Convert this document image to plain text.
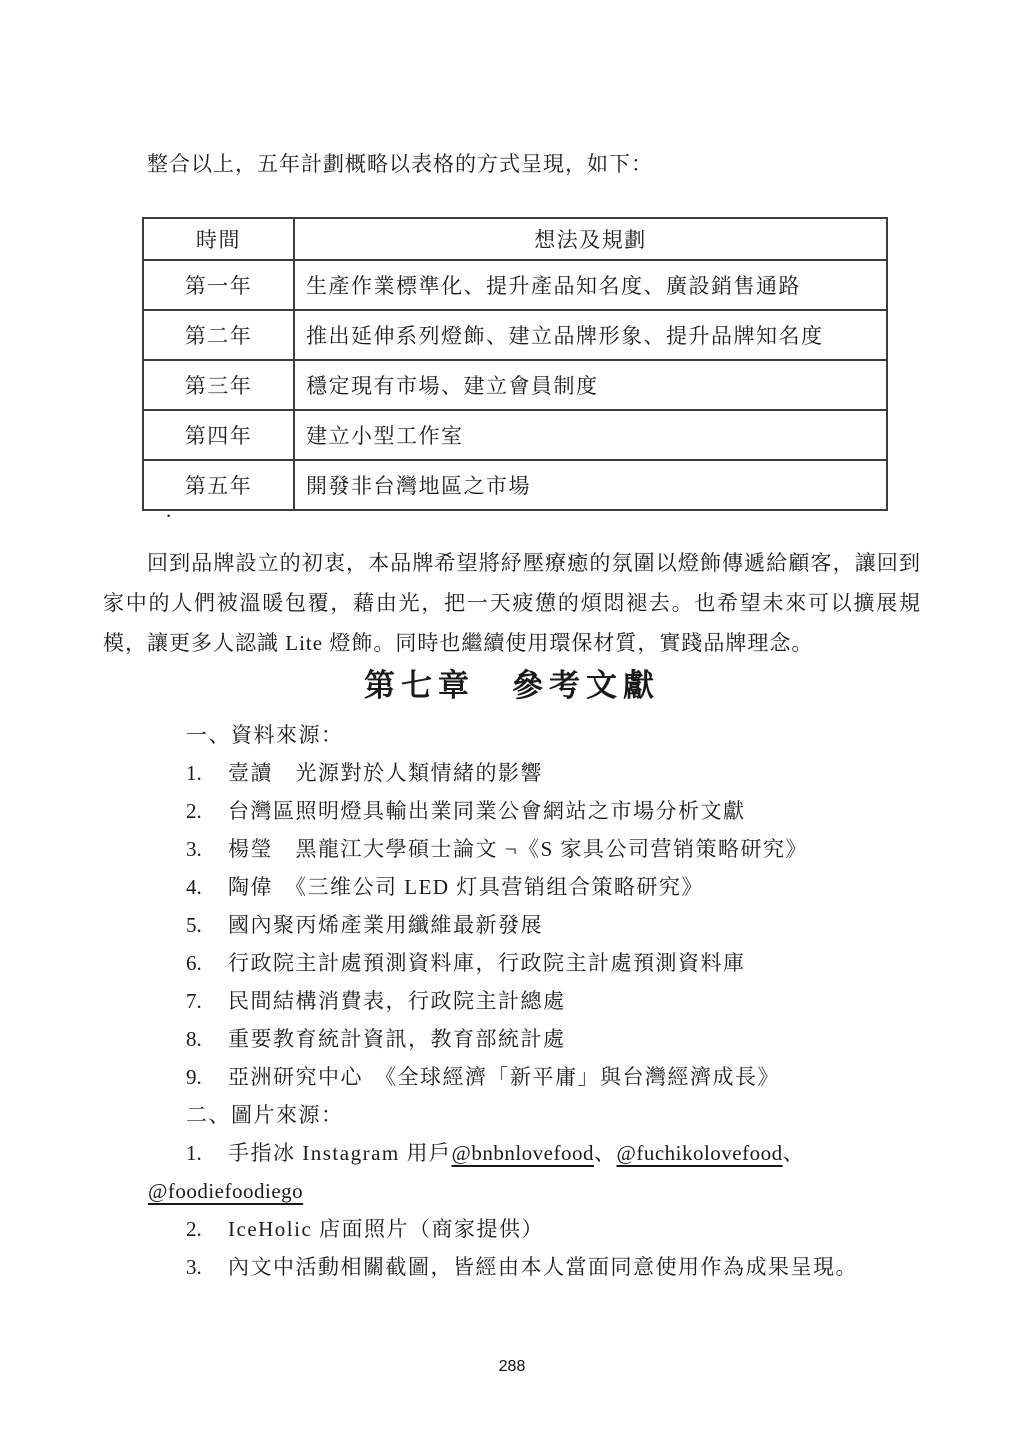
整合以上，五年計劃概略以表格的方式呈現，如下：
時間	想法及規劃
第一年	生產作業標準化、提升產品知名度、廣設銷售通路
第二年	推出延伸系列燈飾、建立品牌形象、提升品牌知名度
第三年	穩定現有市場、建立會員制度
第四年	建立小型工作室
第五年	開發非台灣地區之市場
.
回到品牌設立的初衷，本品牌希望將紓壓療癒的氛圍以燈飾傳遞給顧客，讓回到家中的人們被溫暖包覆，藉由光，把一天疲憊的煩悶褪去。也希望未來可以擴展規模，讓更多人認識 Lite 燈飾。同時也繼續使用環保材質，實踐品牌理念。
第七章　參考文獻
一、資料來源：
1. 壹讀　光源對於人類情緒的影響
2. 台灣區照明燈具輸出業同業公會網站之市場分析文獻
3. 楊瑩　黑龍江大學碩士論文 ¬《S 家具公司营销策略研究》
4. 陶偉　《三维公司 LED 灯具营销组合策略研究》
5. 國內聚丙烯產業用纖維最新發展
6. 行政院主計處預測資料庫，行政院主計處預測資料庫
7. 民間結構消費表，行政院主計總處
8. 重要教育統計資訊，教育部統計處
9. 亞洲研究中心　《全球經濟「新平庸」與台灣經濟成長》
二、圖片來源：
1. 手指冰 Instagram 用戶@bnbnlovefood、@fuchikolovefood、
@foodiefoodiego
2. IceHolic 店面照片（商家提供）
3. 內文中活動相關截圖，皆經由本人當面同意使用作為成果呈現。
288
